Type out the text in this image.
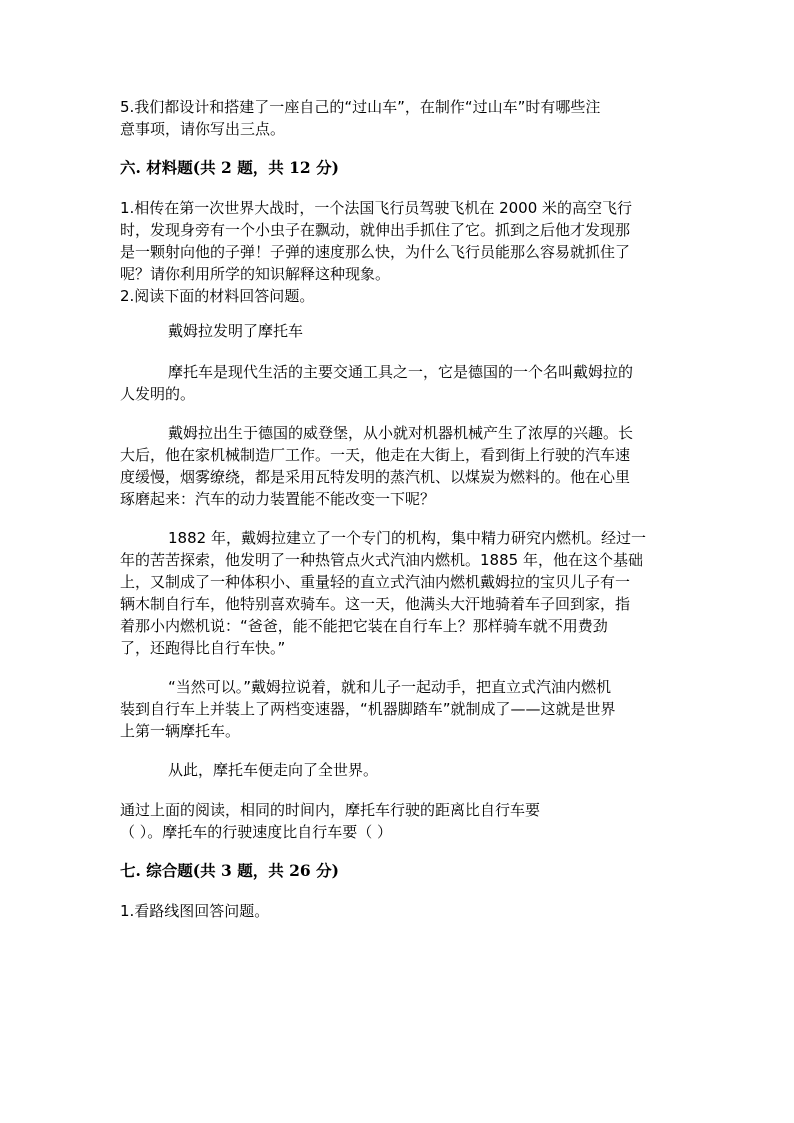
5.我们都设计和搭建了一座自己的“过山车”，在制作“过山车”时有哪些注
意事项，请你写出三点。
六. 材料题(共 2 题，共 12 分)
1.相传在第一次世界大战时，一个法国飞行员驾驶飞机在 2000 米的高空飞行
时，发现身旁有一个小虫子在飘动，就伸出手抓住了它。抓到之后他才发现那
是一颗射向他的子弹！子弹的速度那么快，为什么飞行员能那么容易就抓住了
呢？请你利用所学的知识解释这种现象。
2.阅读下面的材料回答问题。
戴姆拉发明了摩托车
摩托车是现代生活的主要交通工具之一，它是德国的一个名叫戴姆拉的
人发明的。
戴姆拉出生于德国的威登堡，从小就对机器机械产生了浓厚的兴趣。长
大后，他在家机械制造厂工作。一天，他走在大街上，看到街上行驶的汽车速
度缓慢，烟雾缭绕，都是采用瓦特发明的蒸汽机、以煤炭为燃料的。他在心里
琢磨起来：汽车的动力装置能不能改变一下呢？
1882 年，戴姆拉建立了一个专门的机构，集中精力研究内燃机。经过一
年的苦苦探索，他发明了一种热管点火式汽油内燃机。1885 年，他在这个基础
上，又制成了一种体积小、重量轻的直立式汽油内燃机戴姆拉的宝贝儿子有一
辆木制自行车，他特别喜欢骑车。这一天，他满头大汗地骑着车子回到家，指
着那小内燃机说：“爸爸，能不能把它装在自行车上？那样骑车就不用费劲
了，还跑得比自行车快。”
“当然可以。”戴姆拉说着，就和儿子一起动手，把直立式汽油内燃机
装到自行车上并装上了两档变速器，“机器脚踏车”就制成了——这就是世界
上第一辆摩托车。
从此，摩托车便走向了全世界。
通过上面的阅读，相同的时间内，摩托车行驶的距离比自行车要
（ ）。摩托车的行驶速度比自行车要（ ）
七. 综合题(共 3 题，共 26 分)
1.看路线图回答问题。
